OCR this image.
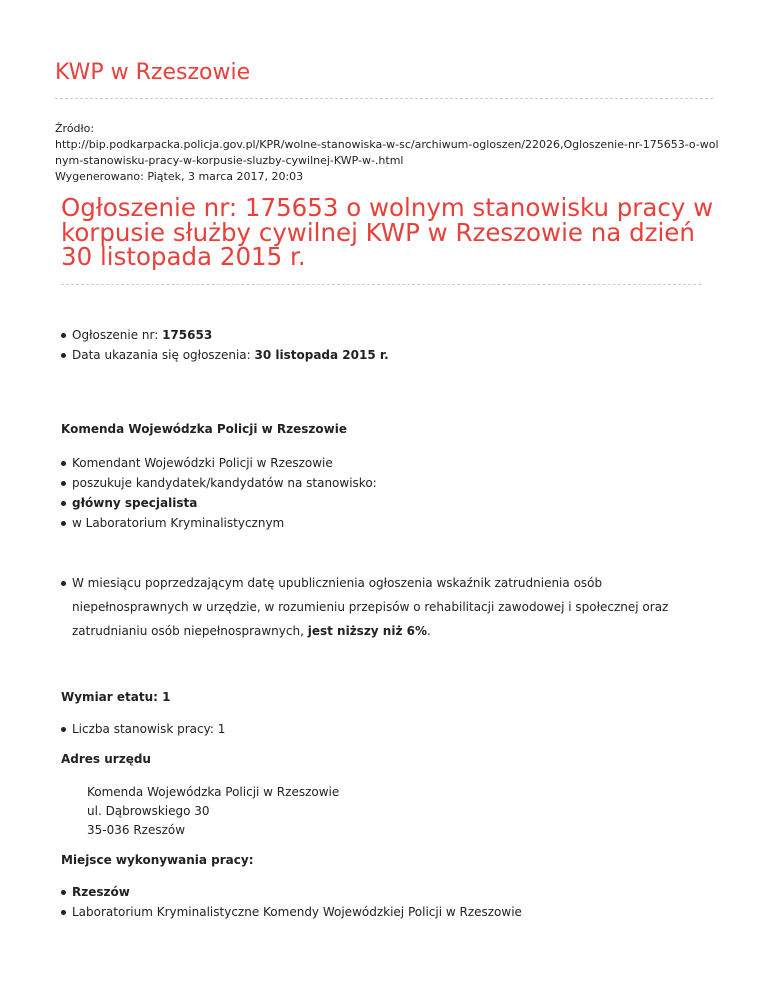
KWP w Rzeszowie
Źródło:
http://bip.podkarpacka.policja.gov.pl/KPR/wolne-stanowiska-w-sc/archiwum-ogloszen/22026,Ogloszenie-nr-175653-o-wolnym-stanowisku-pracy-w-korpusie-sluzby-cywilnej-KWP-w-.html
Wygenerowano: Piątek, 3 marca 2017, 20:03
Ogłoszenie nr: 175653 o wolnym stanowisku pracy w korpusie służby cywilnej KWP w Rzeszowie na dzień 30 listopada 2015 r.
Ogłoszenie nr: 175653
Data ukazania się ogłoszenia: 30 listopada 2015 r.

Komenda Wojewódzka Policji w Rzeszowie

Komendant Wojewódzki Policji w Rzeszowie
poszukuje kandydatek/kandydatów na stanowisko:
główny specjalista
w Laboratorium Kryminalistycznym
W miesiącu poprzedzającym datę upublicznienia ogłoszenia wskaźnik zatrudnienia osób niepełnosprawnych w urzędzie, w rozumieniu przepisów o rehabilitacji zawodowej i społecznej oraz zatrudnianiu osób niepełnosprawnych, jest niższy niż 6%.

Wymiar etatu: 1

Liczba stanowisk pracy: 1

Adres urzędu

Komenda Wojewódzka Policji w Rzeszowie
ul. Dąbrowskiego 30
35-036 Rzeszów

Miejsce wykonywania pracy:

Rzeszów
Laboratorium Kryminalistyczne Komendy Wojewódzkiej Policji w Rzeszowie
